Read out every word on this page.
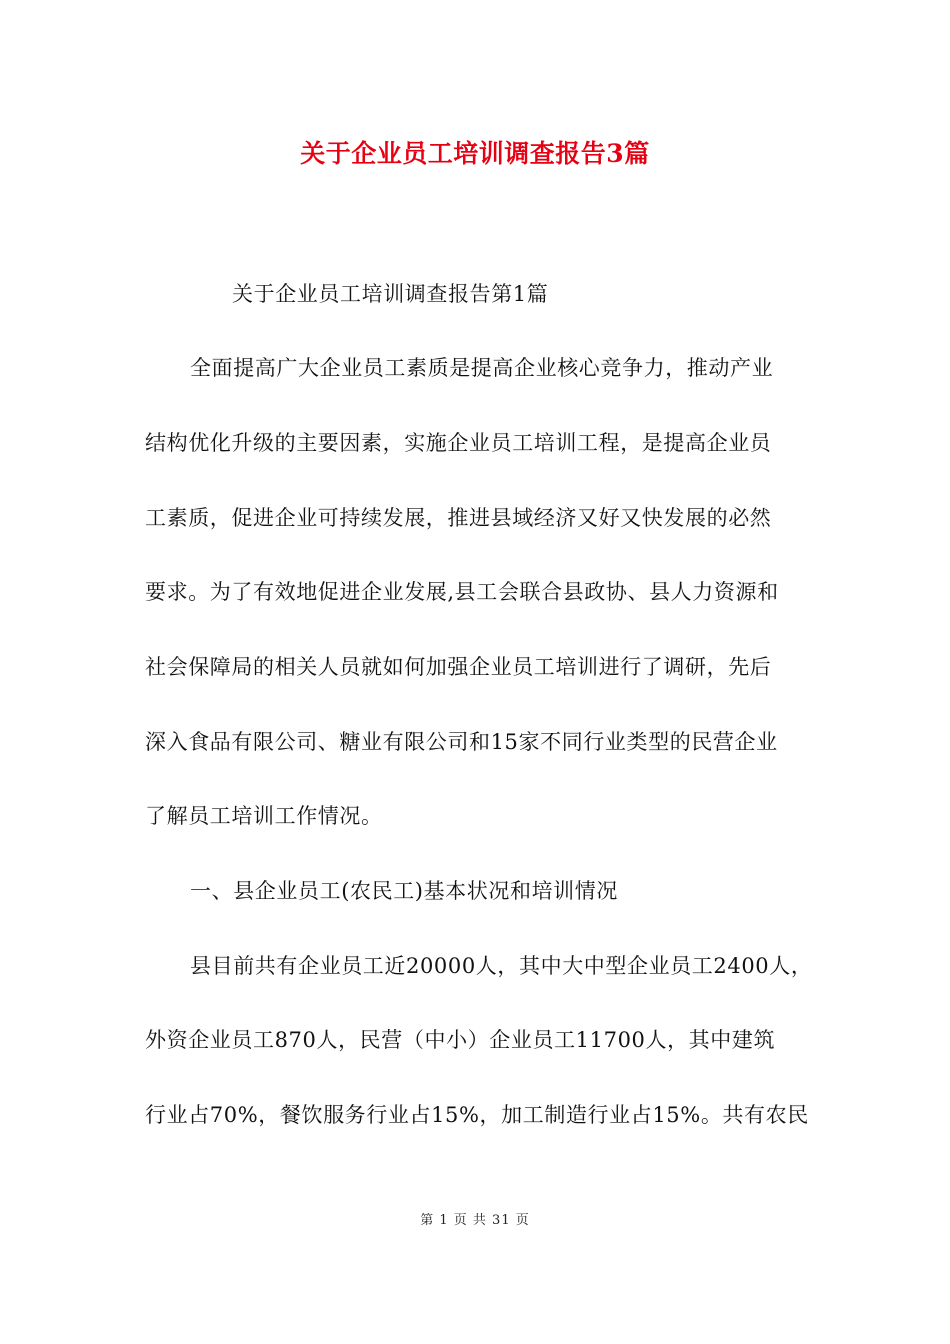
关于企业员工培训调查报告3篇
关于企业员工培训调查报告第1篇
全面提高广大企业员工素质是提高企业核心竞争力，推动产业
结构优化升级的主要因素，实施企业员工培训工程，是提高企业员
工素质，促进企业可持续发展，推进县域经济又好又快发展的必然
要求。为了有效地促进企业发展,县工会联合县政协、县人力资源和
社会保障局的相关人员就如何加强企业员工培训进行了调研，先后
深入食品有限公司、糖业有限公司和15家不同行业类型的民营企业
了解员工培训工作情况。
一、县企业员工(农民工)基本状况和培训情况
县目前共有企业员工近20000人，其中大中型企业员工2400人，
外资企业员工870人，民营（中小）企业员工11700人，其中建筑
行业占70%，餐饮服务行业占15%，加工制造行业占15%。共有农民
第 1 页 共 31 页
